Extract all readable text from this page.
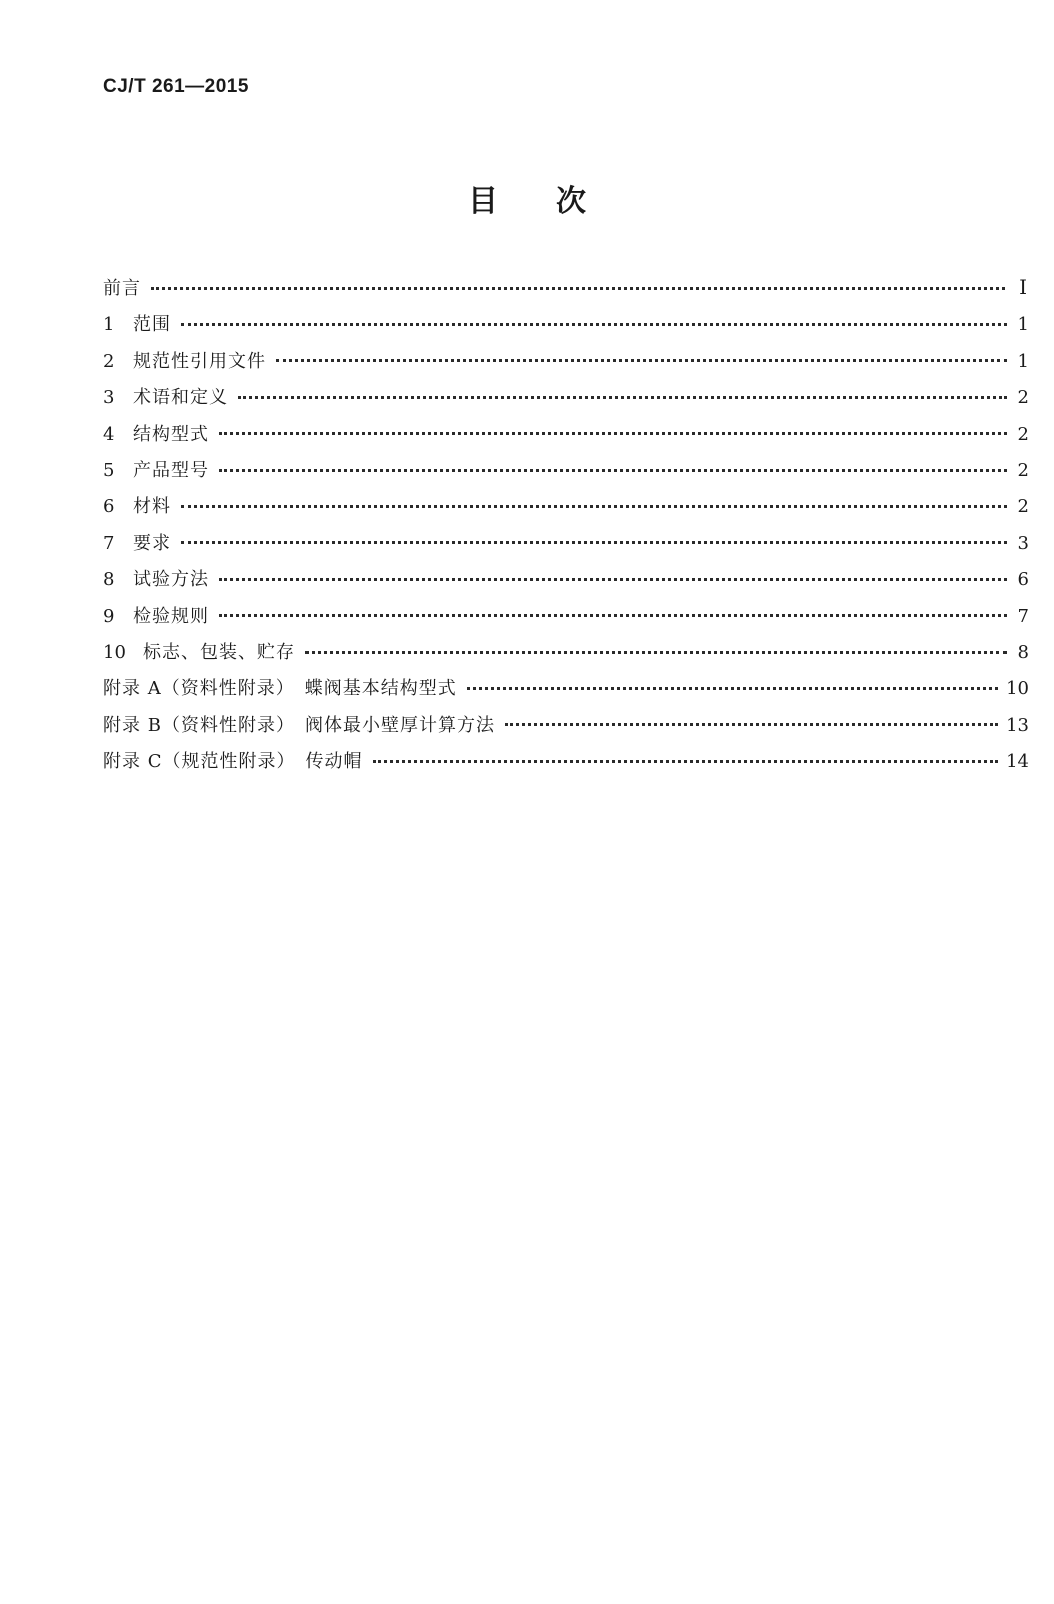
CJ/T 261—2015
目次
前言	Ⅰ
1	范围	1
2	规范性引用文件	1
3	术语和定义	2
4	结构型式	2
5	产品型号	2
6	材料	2
7	要求	3
8	试验方法	6
9	检验规则	7
10 标志、包装、贮存	8
附录 A（资料性附录）　蝶阀基本结构型式	10
附录 B（资料性附录）　阀体最小壁厚计算方法	13
附录 C（规范性附录）　传动帽	14
